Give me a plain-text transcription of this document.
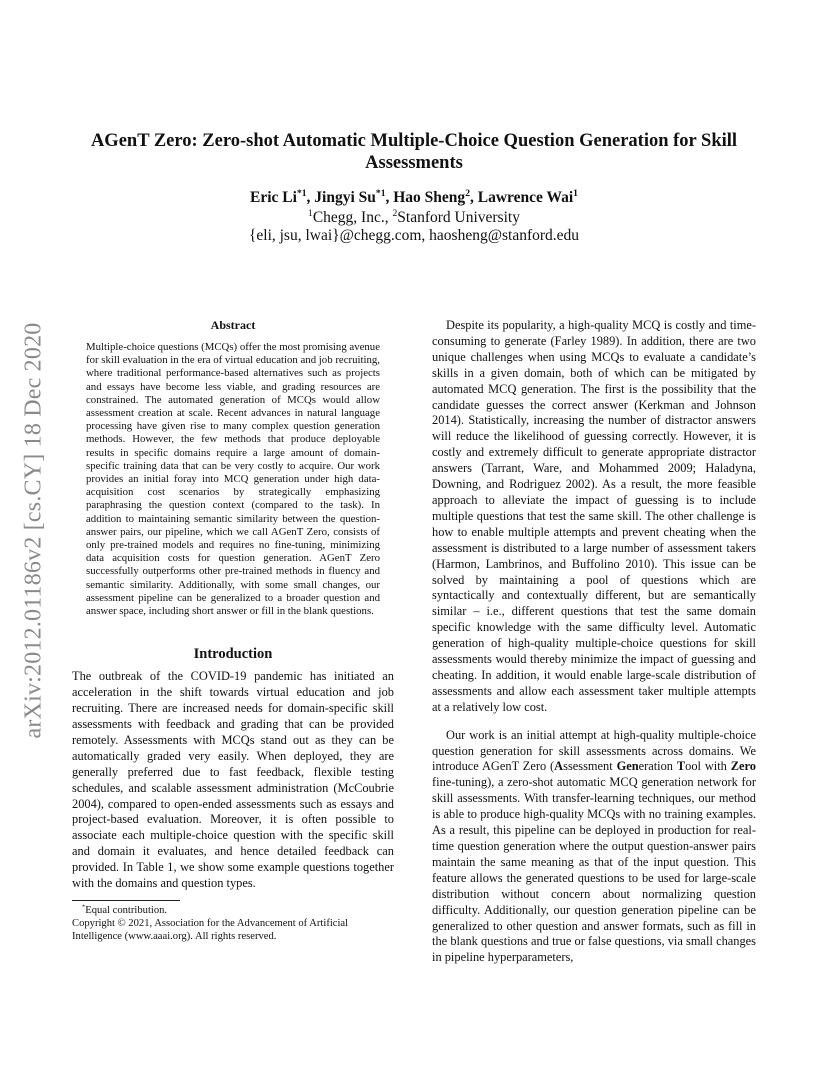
arXiv:2012.01186v2 [cs.CY] 18 Dec 2020
AGenT Zero: Zero-shot Automatic Multiple-Choice Question Generation for Skill Assessments
Eric Li$^{*1}$, Jingyi Su$^{*1}$, Hao Sheng$^2$, Lawrence Wai$^1$
$^1$Chegg, Inc., $^2$Stanford University
{eli, jsu, lwai}@chegg.com, haosheng@stanford.edu
Abstract

Multiple-choice questions (MCQs) offer the most promising avenue for skill evaluation in the era of virtual education and job recruiting, where traditional performance-based alternatives such as projects and essays have become less viable, and grading resources are constrained. The automated generation of MCQs would allow assessment creation at scale. Recent advances in natural language processing have given rise to many complex question generation methods. However, the few methods that produce deployable results in specific domains require a large amount of domain-specific training data that can be very costly to acquire. Our work provides an initial foray into MCQ generation under high data-acquisition cost scenarios by strategically emphasizing paraphrasing the question context (compared to the task). In addition to maintaining semantic similarity between the question-answer pairs, our pipeline, which we call AGenT Zero, consists of only pre-trained models and requires no fine-tuning, minimizing data acquisition costs for question generation. AGenT Zero successfully outperforms other pre-trained methods in fluency and semantic similarity. Additionally, with some small changes, our assessment pipeline can be generalized to a broader question and answer space, including short answer or fill in the blank questions.

Introduction

The outbreak of the COVID-19 pandemic has initiated an acceleration in the shift towards virtual education and job recruiting. There are increased needs for domain-specific skill assessments with feedback and grading that can be provided remotely. Assessments with MCQs stand out as they can be automatically graded very easily. When deployed, they are generally preferred due to fast feedback, flexible testing schedules, and scalable assessment administration (McCoubrie 2004), compared to open-ended assessments such as essays and project-based evaluation. Moreover, it is often possible to associate each multiple-choice question with the specific skill and domain it evaluates, and hence detailed feedback can provided. In Table 1, we show some example questions together with the domains and question types.

*Equal contribution.

Copyright © 2021, Association for the Advancement of Artificial Intelligence (www.aaai.org). All rights reserved.

Despite its popularity, a high-quality MCQ is costly and time-consuming to generate (Farley 1989). In addition, there are two unique challenges when using MCQs to evaluate a candidate’s skills in a given domain, both of which can be mitigated by automated MCQ generation. The first is the possibility that the candidate guesses the correct answer (Kerkman and Johnson 2014). Statistically, increasing the number of distractor answers will reduce the likelihood of guessing correctly. However, it is costly and extremely difficult to generate appropriate distractor answers (Tarrant, Ware, and Mohammed 2009; Haladyna, Downing, and Rodriguez 2002). As a result, the more feasible approach to alleviate the impact of guessing is to include multiple questions that test the same skill. The other challenge is how to enable multiple attempts and prevent cheating when the assessment is distributed to a large number of assessment takers (Harmon, Lambrinos, and Buffolino 2010). This issue can be solved by maintaining a pool of questions which are syntactically and contextually different, but are semantically similar – i.e., different questions that test the same domain specific knowledge with the same difficulty level. Automatic generation of high-quality multiple-choice questions for skill assessments would thereby minimize the impact of guessing and cheating. In addition, it would enable large-scale distribution of assessments and allow each assessment taker multiple attempts at a relatively low cost.

Our work is an initial attempt at high-quality multiple-choice question generation for skill assessments across domains. We introduce AGenT Zero (Assessment Generation Tool with Zero fine-tuning), a zero-shot automatic MCQ generation network for skill assessments. With transfer-learning techniques, our method is able to produce high-quality MCQs with no training examples. As a result, this pipeline can be deployed in production for real-time question generation where the output question-answer pairs maintain the same meaning as that of the input question. This feature allows the generated questions to be used for large-scale distribution without concern about normalizing question difficulty. Additionally, our question generation pipeline can be generalized to other question and answer formats, such as fill in the blank questions and true or false questions, via small changes in pipeline hyperparameters,
